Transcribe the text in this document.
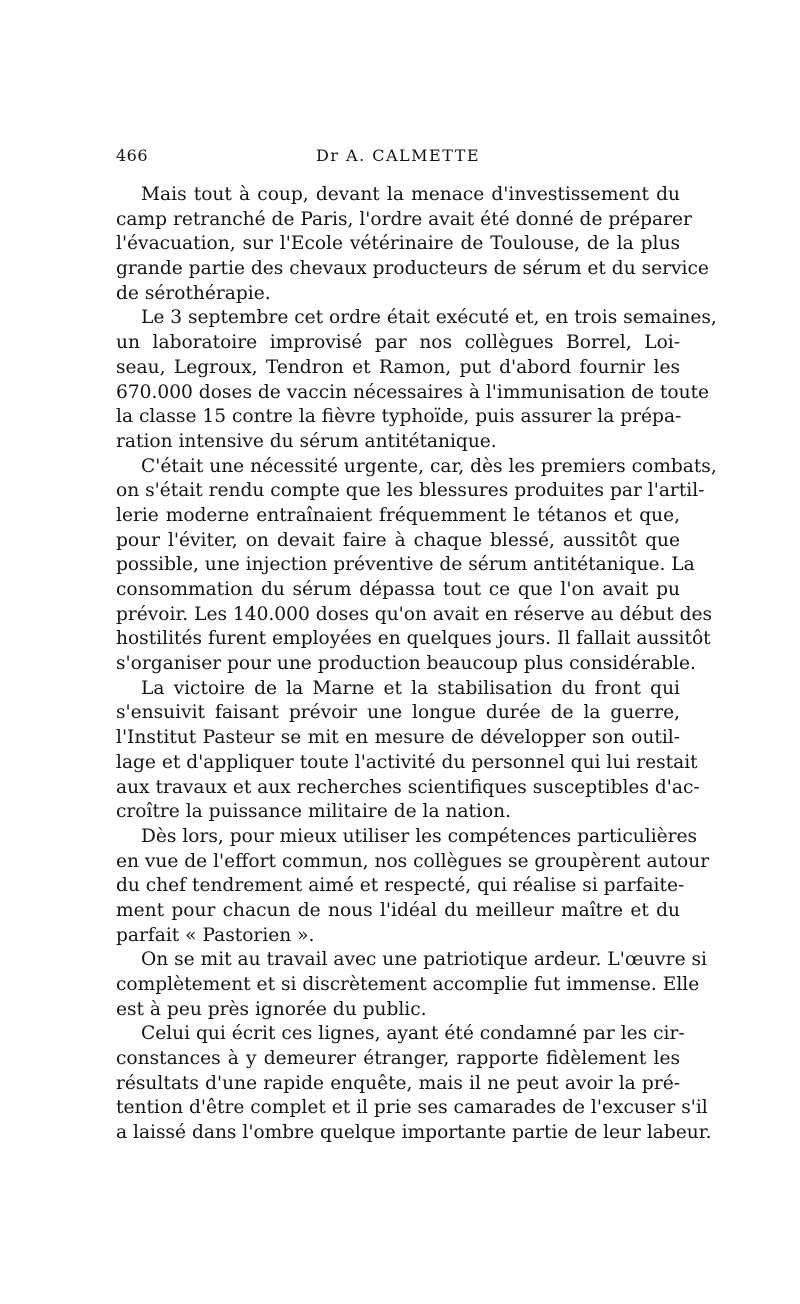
466	Dr A. CALMETTE
Mais tout à coup, devant la menace d'investissement du
camp retranché de Paris, l'ordre avait été donné de préparer
l'évacuation, sur l'Ecole vétérinaire de Toulouse, de la plus
grande partie des chevaux producteurs de sérum et du service
de sérothérapie.
Le 3 septembre cet ordre était exécuté et, en trois semaines,
un laboratoire improvisé par nos collègues Borrel, Loi-
seau, Legroux, Tendron et Ramon, put d'abord fournir les
670.000 doses de vaccin nécessaires à l'immunisation de toute
la classe 15 contre la fièvre typhoïde, puis assurer la prépa-
ration intensive du sérum antitétanique.
C'était une nécessité urgente, car, dès les premiers combats,
on s'était rendu compte que les blessures produites par l'artil-
lerie moderne entraînaient fréquemment le tétanos et que,
pour l'éviter, on devait faire à chaque blessé, aussitôt que
possible, une injection préventive de sérum antitétanique. La
consommation du sérum dépassa tout ce que l'on avait pu
prévoir. Les 140.000 doses qu'on avait en réserve au début des
hostilités furent employées en quelques jours. Il fallait aussitôt
s'organiser pour une production beaucoup plus considérable.
La victoire de la Marne et la stabilisation du front qui
s'ensuivit faisant prévoir une longue durée de la guerre,
l'Institut Pasteur se mit en mesure de développer son outil-
lage et d'appliquer toute l'activité du personnel qui lui restait
aux travaux et aux recherches scientifiques susceptibles d'ac-
croître la puissance militaire de la nation.
Dès lors, pour mieux utiliser les compétences particulières
en vue de l'effort commun, nos collègues se groupèrent autour
du chef tendrement aimé et respecté, qui réalise si parfaite-
ment pour chacun de nous l'idéal du meilleur maître et du
parfait « Pastorien ».
On se mit au travail avec une patriotique ardeur. L'œuvre si
complètement et si discrètement accomplie fut immense. Elle
est à peu près ignorée du public.
Celui qui écrit ces lignes, ayant été condamné par les cir-
constances à y demeurer étranger, rapporte fidèlement les
résultats d'une rapide enquête, mais il ne peut avoir la pré-
tention d'être complet et il prie ses camarades de l'excuser s'il
a laissé dans l'ombre quelque importante partie de leur labeur.
